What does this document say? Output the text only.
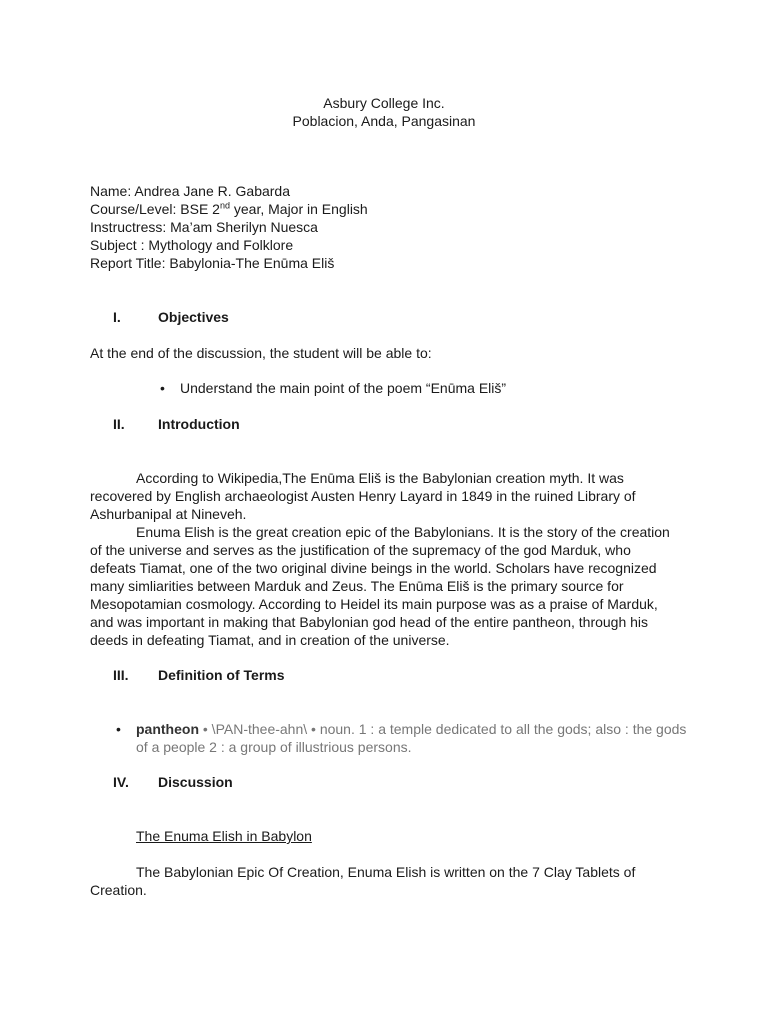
Asbury College Inc.
Poblacion, Anda, Pangasinan
Name: Andrea Jane R. Gabarda
Course/Level: BSE 2nd year, Major in English
Instructress: Ma’am Sherilyn Nuesca
Subject : Mythology and Folklore
Report Title: Babylonia-The Enūma Eliš
I.	Objectives
At the end of the discussion, the student will be able to:
• Understand the main point of the poem “Enūma Eliš”
II. Introduction
According to Wikipedia,The Enūma Eliš is the Babylonian creation myth. It was recovered by English archaeologist Austen Henry Layard in 1849 in the ruined Library of Ashurbanipal at Nineveh.
Enuma Elish is the great creation epic of the Babylonians. It is the story of the creation of the universe and serves as the justification of the supremacy of the god Marduk, who defeats Tiamat, one of the two original divine beings in the world. Scholars have recognized many simliarities between Marduk and Zeus. The Enūma Eliš is the primary source for Mesopotamian cosmology. According to Heidel its main purpose was as a praise of Marduk, and was important in making that Babylonian god head of the entire pantheon, through his deeds in defeating Tiamat, and in creation of the universe.
III. Definition of Terms
• pantheon • \PAN-thee-ahn\ • noun. 1 : a temple dedicated to all the gods; also : the gods of a people 2 : a group of illustrious persons.
IV. Discussion
The Enuma Elish in Babylon
The Babylonian Epic Of Creation, Enuma Elish is written on the 7 Clay Tablets of Creation.
